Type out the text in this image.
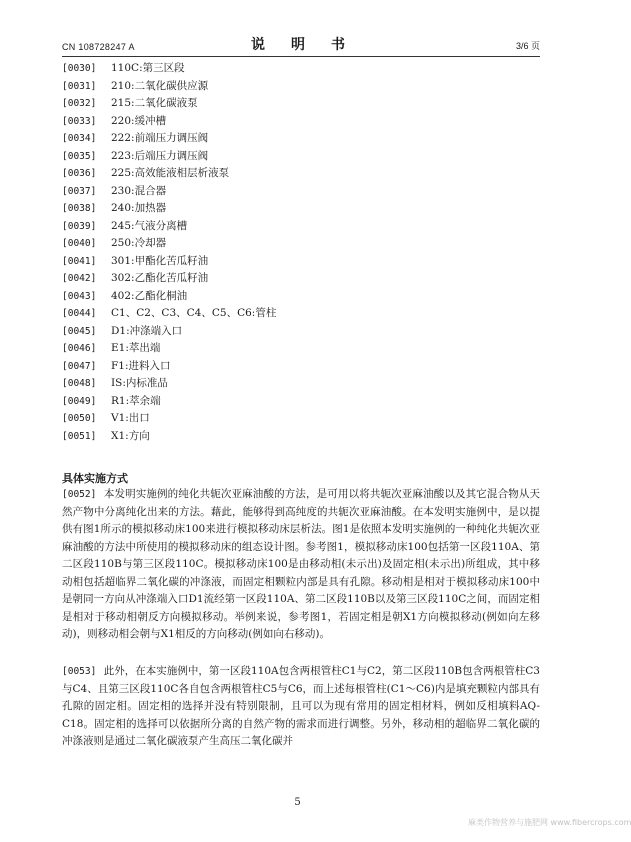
CN 108728247 A	说　明　书	3/6 页
[0030] 110C:第三区段
[0031] 210:二氧化碳供应源
[0032] 215:二氧化碳液泵
[0033] 220:缓冲槽
[0034] 222:前端压力调压阀
[0035] 223:后端压力调压阀
[0036] 225:高效能液相层析液泵
[0037] 230:混合器
[0038] 240:加热器
[0039] 245:气液分离槽
[0040] 250:冷却器
[0041] 301:甲酯化苦瓜籽油
[0042] 302:乙酯化苦瓜籽油
[0043] 402:乙酯化桐油
[0044] C1、C2、C3、C4、C5、C6:管柱
[0045] D1:冲涤端入口
[0046] E1:萃出端
[0047] F1:进料入口
[0048] IS:内标准品
[0049] R1:萃余端
[0050] V1:出口
[0051] X1:方向
具体实施方式
[0052] 本发明实施例的纯化共轭次亚麻油酸的方法，是可用以将共轭次亚麻油酸以及其它混合物从天然产物中分离纯化出来的方法。藉此，能够得到高纯度的共轭次亚麻油酸。在本发明实施例中，是以提供有图1所示的模拟移动床100来进行模拟移动床层析法。图1是依照本发明实施例的一种纯化共轭次亚麻油酸的方法中所使用的模拟移动床的组态设计图。参考图1，模拟移动床100包括第一区段110A、第二区段110B与第三区段110C。模拟移动床100是由移动相(未示出)及固定相(未示出)所组成，其中移动相包括超临界二氧化碳的冲涤液，而固定相颗粒内部是具有孔隙。移动相是相对于模拟移动床100中是朝同一方向从冲涤端入口D1流经第一区段110A、第二区段110B以及第三区段110C之间，而固定相是相对于移动相朝反方向模拟移动。举例来说，参考图1，若固定相是朝X1方向模拟移动(例如向左移动)，则移动相会朝与X1相反的方向移动(例如向右移动)。
[0053] 此外，在本实施例中，第一区段110A包含两根管柱C1与C2，第二区段110B包含两根管柱C3与C4、且第三区段110C各自包含两根管柱C5与C6，而上述每根管柱(C1～C6)内是填充颗粒内部具有孔隙的固定相。固定相的选择并没有特别限制，且可以为现有常用的固定相材料，例如反相填料AQ-C18。固定相的选择可以依据所分离的自然产物的需求而进行调整。另外，移动相的超临界二氧化碳的冲涤液则是通过二氧化碳液泵产生高压二氧化碳并
5
麻类作物营养与施肥网 www.fibercrops.com
